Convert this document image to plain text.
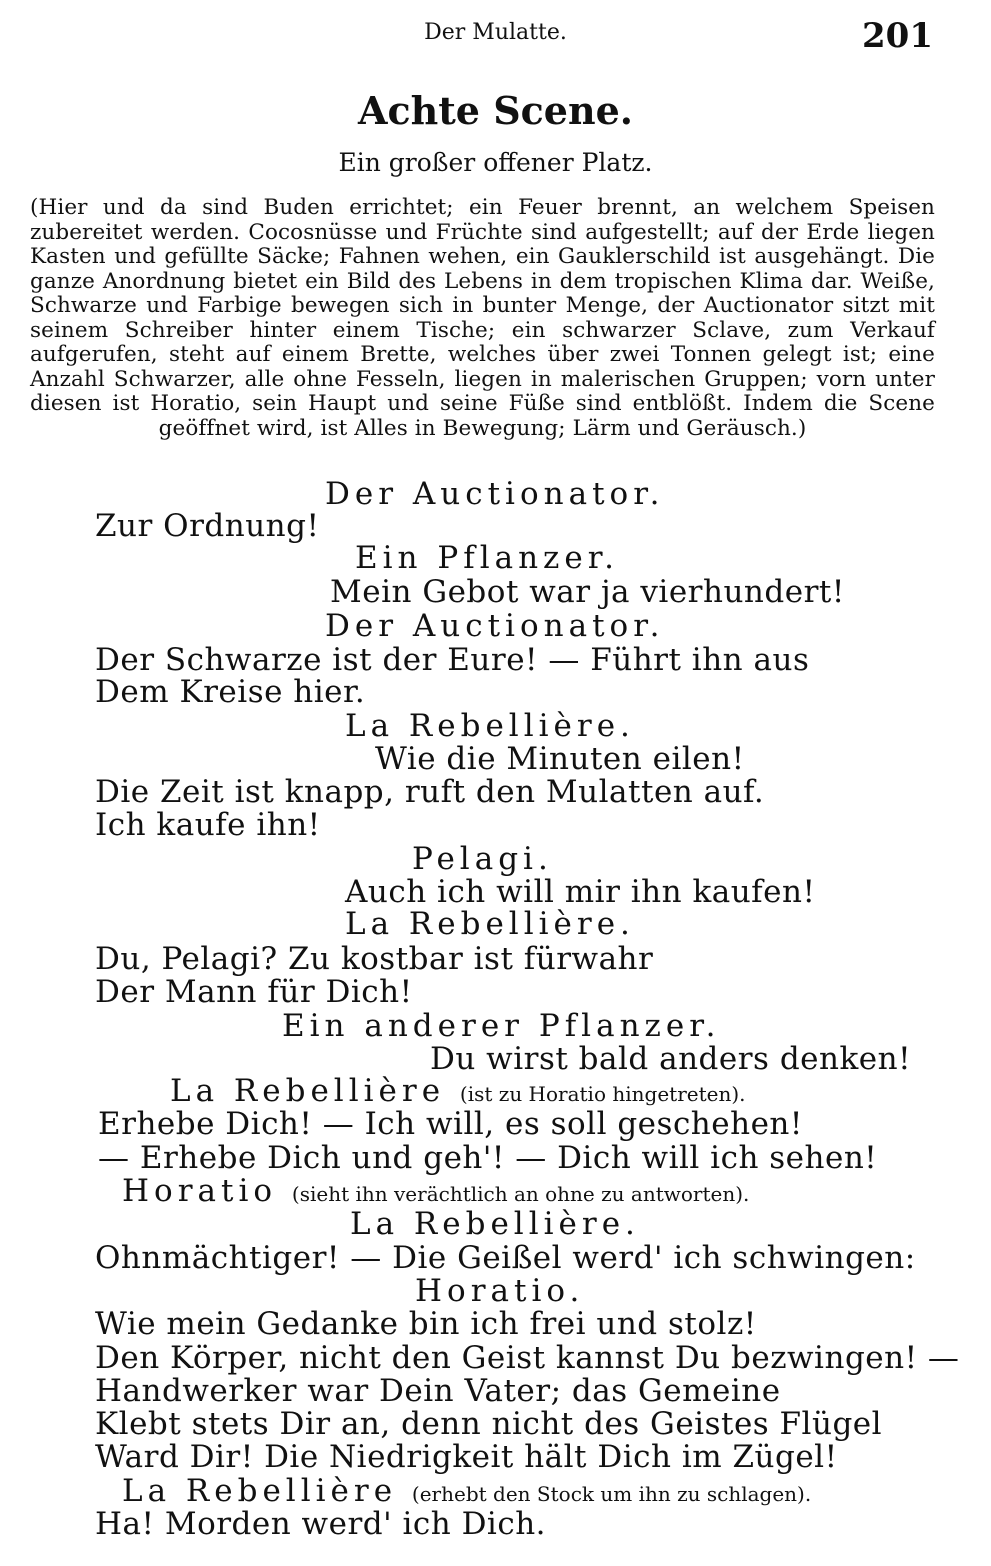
Der Mulatte.	201
Achte Scene.
Ein großer offener Platz.
(Hier und da sind Buden errichtet; ein Feuer brennt, an welchem Speisen zubereitet werden. Cocosnüsse und Früchte sind aufgestellt; auf der Erde liegen Kasten und gefüllte Säcke; Fahnen wehen, ein Gauklerschild ist ausgehängt. Die ganze Anordnung bietet ein Bild des Lebens in dem tropischen Klima dar. Weiße, Schwarze und Farbige bewegen sich in bunter Menge, der Auctionator sitzt mit seinem Schreiber hinter einem Tische; ein schwarzer Sclave, zum Verkauf aufgerufen, steht auf einem Brette, welches über zwei Tonnen gelegt ist; eine Anzahl Schwarzer, alle ohne Fesseln, liegen in malerischen Gruppen; vorn unter diesen ist Horatio, sein Haupt und seine Füße sind entblößt. Indem die Scene geöffnet wird, ist Alles in Bewegung; Lärm und Geräusch.)
Der Auctionator.
Zur Ordnung!
Ein Pflanzer.
Mein Gebot war ja vierhundert!
Der Auctionator.
Der Schwarze ist der Eure! — Führt ihn aus
Dem Kreise hier.
La Rebellière.
Wie die Minuten eilen!
Die Zeit ist knapp, ruft den Mulatten auf.
Ich kaufe ihn!
Pelagi.
Auch ich will mir ihn kaufen!
La Rebellière.
Du, Pelagi? Zu kostbar ist fürwahr
Der Mann für Dich!
Ein anderer Pflanzer.
Du wirst bald anders denken!
La Rebellière (ist zu Horatio hingetreten).
Erhebe Dich! — Ich will, es soll geschehen!
— Erhebe Dich und geh'! — Dich will ich sehen!
Horatio (sieht ihn verächtlich an ohne zu antworten).
La Rebellière.
Ohnmächtiger! — Die Geißel werd' ich schwingen:
Horatio.
Wie mein Gedanke bin ich frei und stolz!
Den Körper, nicht den Geist kannst Du bezwingen! —
Handwerker war Dein Vater; das Gemeine
Klebt stets Dir an, denn nicht des Geistes Flügel
Ward Dir! Die Niedrigkeit hält Dich im Zügel!
La Rebellière (erhebt den Stock um ihn zu schlagen).
Ha! Morden werd' ich Dich.
